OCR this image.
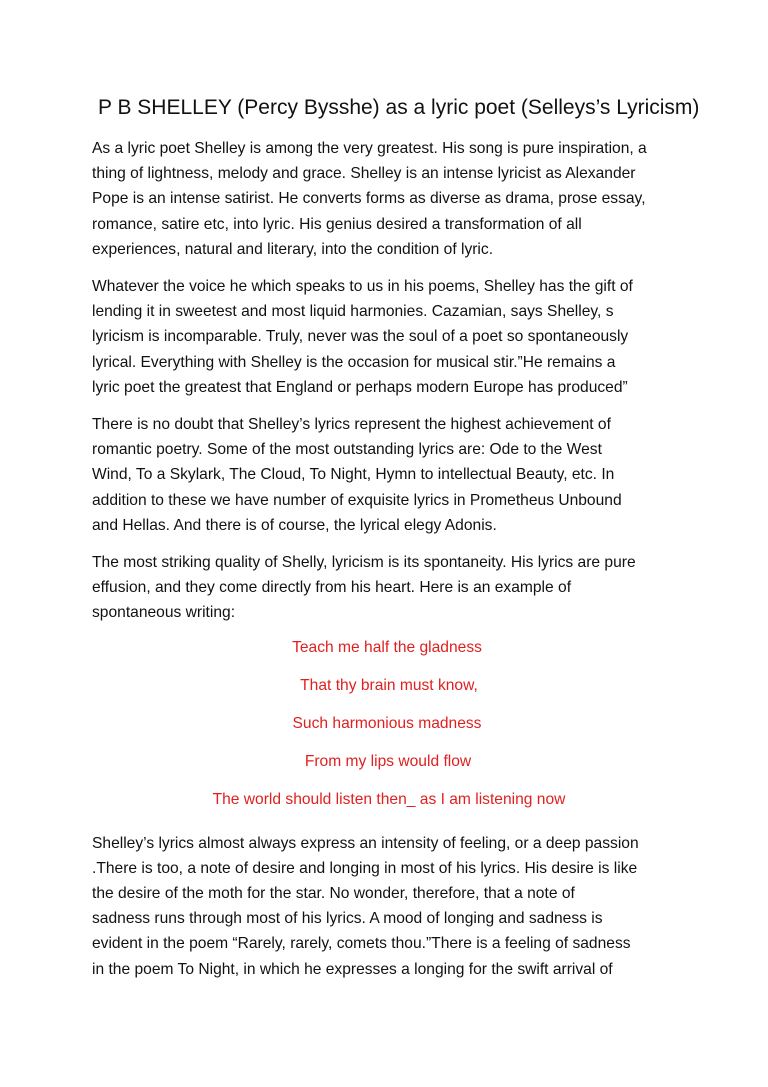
P B SHELLEY (Percy Bysshe) as a lyric poet (Selleys’s Lyricism)

As a lyric poet Shelley is among the very greatest. His song is pure inspiration, a
thing of lightness, melody and grace. Shelley is an intense lyricist as Alexander
Pope is an intense satirist. He converts forms as diverse as drama, prose essay,
romance, satire etc, into lyric. His genius desired a transformation of all
experiences, natural and literary, into the condition of lyric.

Whatever the voice he which speaks to us in his poems, Shelley has the gift of
lending it in sweetest and most liquid harmonies. Cazamian, says Shelley, s
lyricism is incomparable. Truly, never was the soul of a poet so spontaneously
lyrical. Everything with Shelley is the occasion for musical stir.”He remains a
lyric poet the greatest that England or perhaps modern Europe has produced”

There is no doubt that Shelley’s lyrics represent the highest achievement of
romantic poetry. Some of the most outstanding lyrics are: Ode to the West
Wind, To a Skylark, The Cloud, To Night, Hymn to intellectual Beauty, etc. In
addition to these we have number of exquisite lyrics in Prometheus Unbound
and Hellas. And there is of course, the lyrical elegy Adonis.

The most striking quality of Shelly, lyricism is its spontaneity. His lyrics are pure
effusion, and they come directly from his heart. Here is an example of
spontaneous writing:

Teach me half the gladness
That thy brain must know,
Such harmonious madness
From my lips would flow
The world should listen then_ as I am listening now

Shelley’s lyrics almost always express an intensity of feeling, or a deep passion
.There is too, a note of desire and longing in most of his lyrics. His desire is like
the desire of the moth for the star. No wonder, therefore, that a note of
sadness runs through most of his lyrics. A mood of longing and sadness is
evident in the poem “Rarely, rarely, comets thou.”There is a feeling of sadness
in the poem To Night, in which he expresses a longing for the swift arrival of
